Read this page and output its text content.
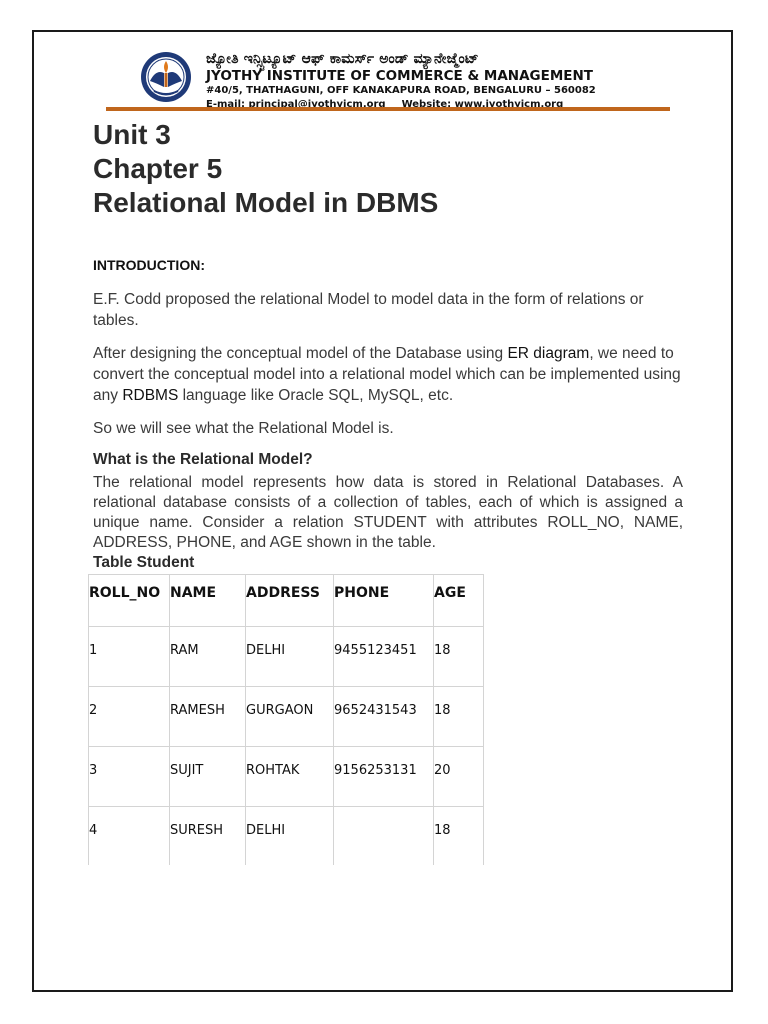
ಜ್ಯೋತಿ ಇನ್ಸ್ಟಿಟ್ಯೂಟ್ ಆಫ್ ಕಾಮರ್ಸ್ ಅಂಡ್ ಮ್ಯಾನೇಜ್ಮೆಂಟ್
JYOTHY INSTITUTE OF COMMERCE & MANAGEMENT
#40/5, THATHAGUNI, OFF KANAKAPURA ROAD, BENGALURU – 560082
E-mail: principal@jyothyicm.org Website: www.jyothyicm.org
Unit 3
Chapter 5
Relational Model in DBMS
INTRODUCTION:
E.F. Codd proposed the relational Model to model data in the form of relations or tables.
After designing the conceptual model of the Database using ER diagram, we need to convert the conceptual model into a relational model which can be implemented using any RDBMS language like Oracle SQL, MySQL, etc.
So we will see what the Relational Model is.
What is the Relational Model?
The relational model represents how data is stored in Relational Databases. A relational database consists of a collection of tables, each of which is assigned a unique name. Consider a relation STUDENT with attributes ROLL_NO, NAME, ADDRESS, PHONE, and AGE shown in the table.
Table Student
ROLL_NO	NAME	ADDRESS	PHONE	AGE
1	RAM	DELHI	9455123451	18
2	RAMESH	GURGAON	9652431543	18
3	SUJIT	ROHTAK	9156253131	20
4	SURESH	DELHI		18
